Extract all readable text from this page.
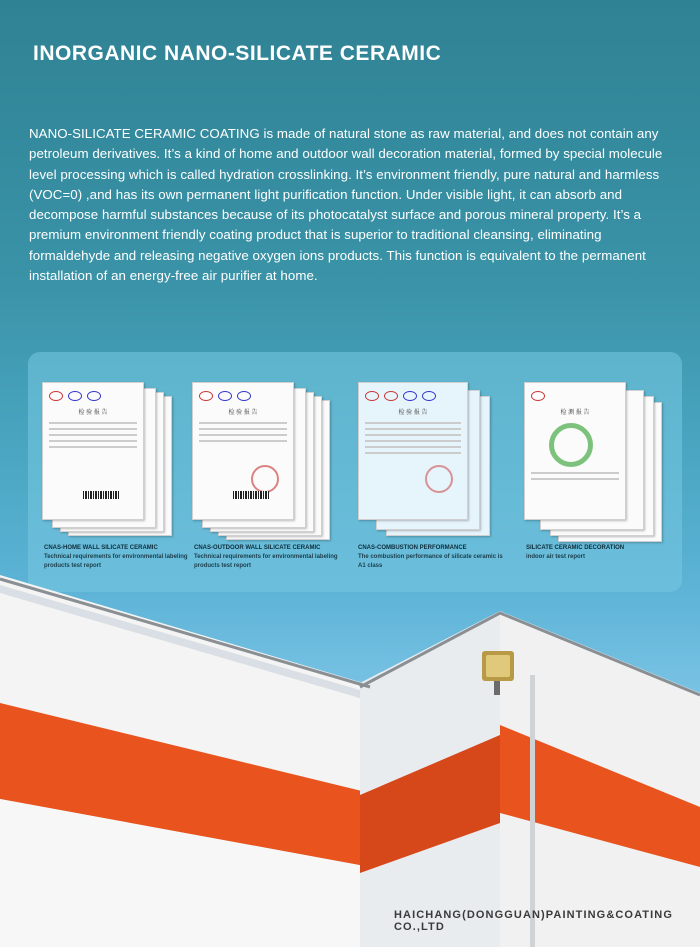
INORGANIC NANO-SILICATE CERAMIC

NANO-SILICATE CERAMIC COATING is made of natural stone as raw material, and does not contain any petroleum derivatives. It’s a kind of home and outdoor wall decoration material, formed by special molecule level processing which is called hydration crosslinking. It’s environment friendly, pure natural and harmless (VOC=0) ,and has its own permanent light purification function. Under visible light, it can absorb and decompose harmful substances because of its photocatalyst surface and porous mineral property. It’s a premium environment friendly coating product that is superior to traditional cleansing, eliminating formaldehyde and releasing negative oxygen ions products. This function is equivalent to the permanent installation of an energy-free air purifier at home.

检 验 报 告
CNAS-HOME WALL SILICATE CERAMIC
Technical requirements for environmental labeling products test report
检 验 报 告
CNAS-OUTDOOR WALL SILICATE CERAMIC
Technical requirements for environmental labeling products test report
检 验 报 告
CNAS-COMBUSTION PERFORMANCE
The combustion performance of silicate ceramic is A1 class
检 测 报 告
SILICATE CERAMIC DECORATION
indoor air test report

HAICHANG(DONGGUAN)PAINTING&COATING CO.,LTD
